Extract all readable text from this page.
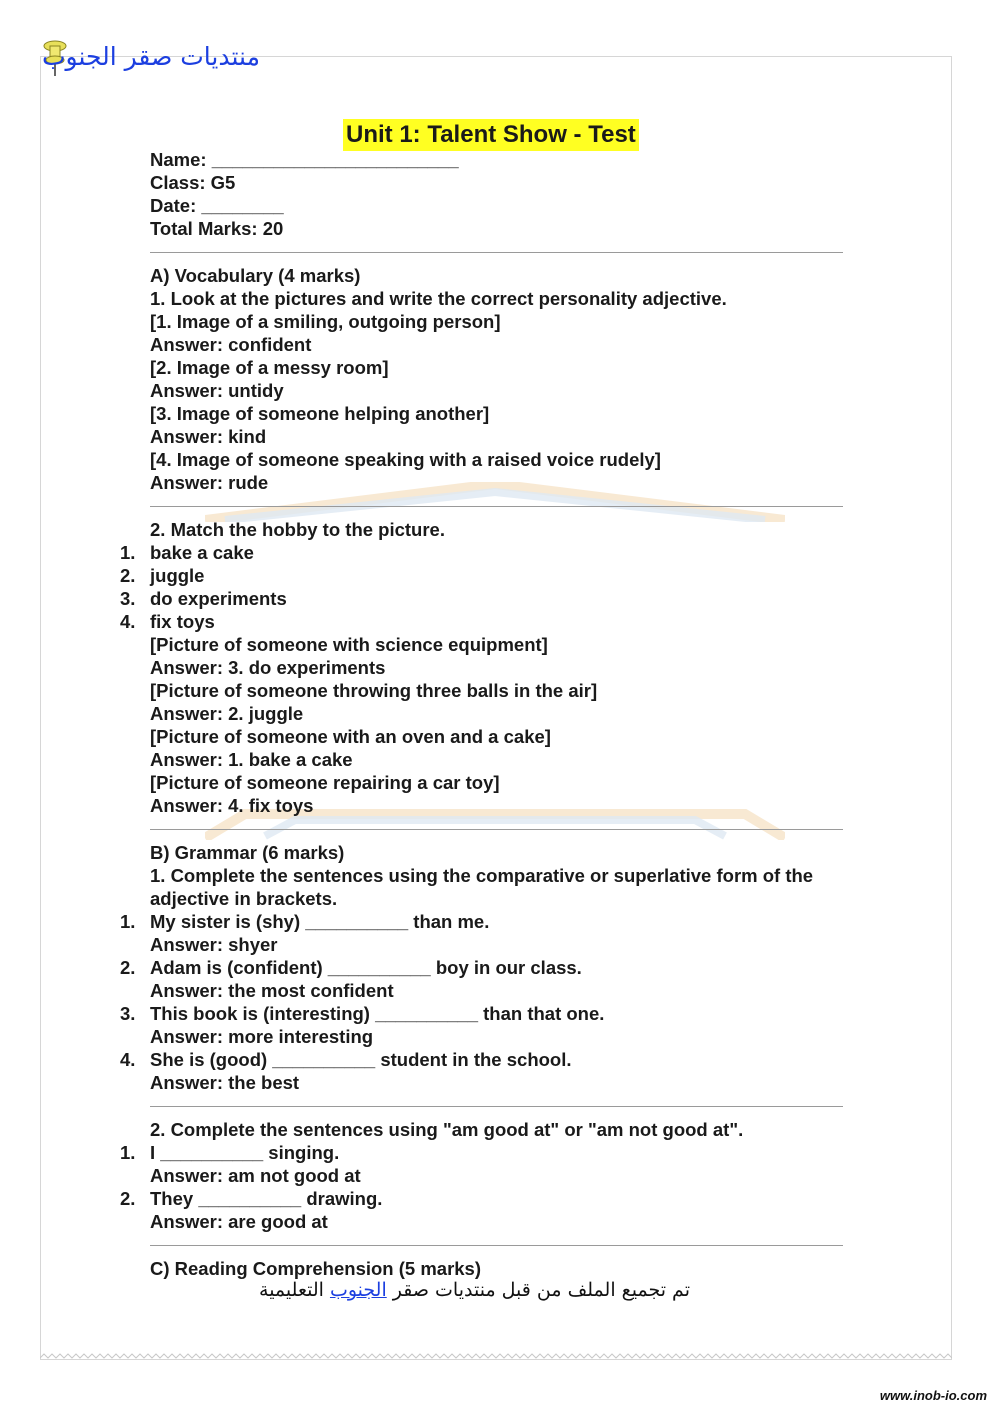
منتديات صقر الجنوب
Unit 1: Talent Show - Test
Name: ________________________
Class: G5
Date: ________
Total Marks: 20
A) Vocabulary (4 marks)
1. Look at the pictures and write the correct personality adjective.
[1. Image of a smiling, outgoing person]
Answer: confident
[2. Image of a messy room]
Answer: untidy
[3. Image of someone helping another]
Answer: kind
[4. Image of someone speaking with a raised voice rudely]
Answer: rude
2. Match the hobby to the picture.
1. bake a cake
2. juggle
3. do experiments
4. fix toys
[Picture of someone with science equipment]
Answer: 3. do experiments
[Picture of someone throwing three balls in the air]
Answer: 2. juggle
[Picture of someone with an oven and a cake]
Answer: 1. bake a cake
[Picture of someone repairing a car toy]
Answer: 4. fix toys
B) Grammar (6 marks)
1. Complete the sentences using the comparative or superlative form of the adjective in brackets.
1. My sister is (shy) __________ than me.
Answer: shyer
2. Adam is (confident) __________ boy in our class.
Answer: the most confident
3. This book is (interesting) __________ than that one.
Answer: more interesting
4. She is (good) __________ student in the school.
Answer: the best
2. Complete the sentences using "am good at" or "am not good at".
1. I __________ singing.
Answer: am not good at
2. They __________ drawing.
Answer: are good at
C) Reading Comprehension (5 marks)
تم تجميع الملف من قبل منتديات صقر الجنوب التعليمية
www.inob-io.com
